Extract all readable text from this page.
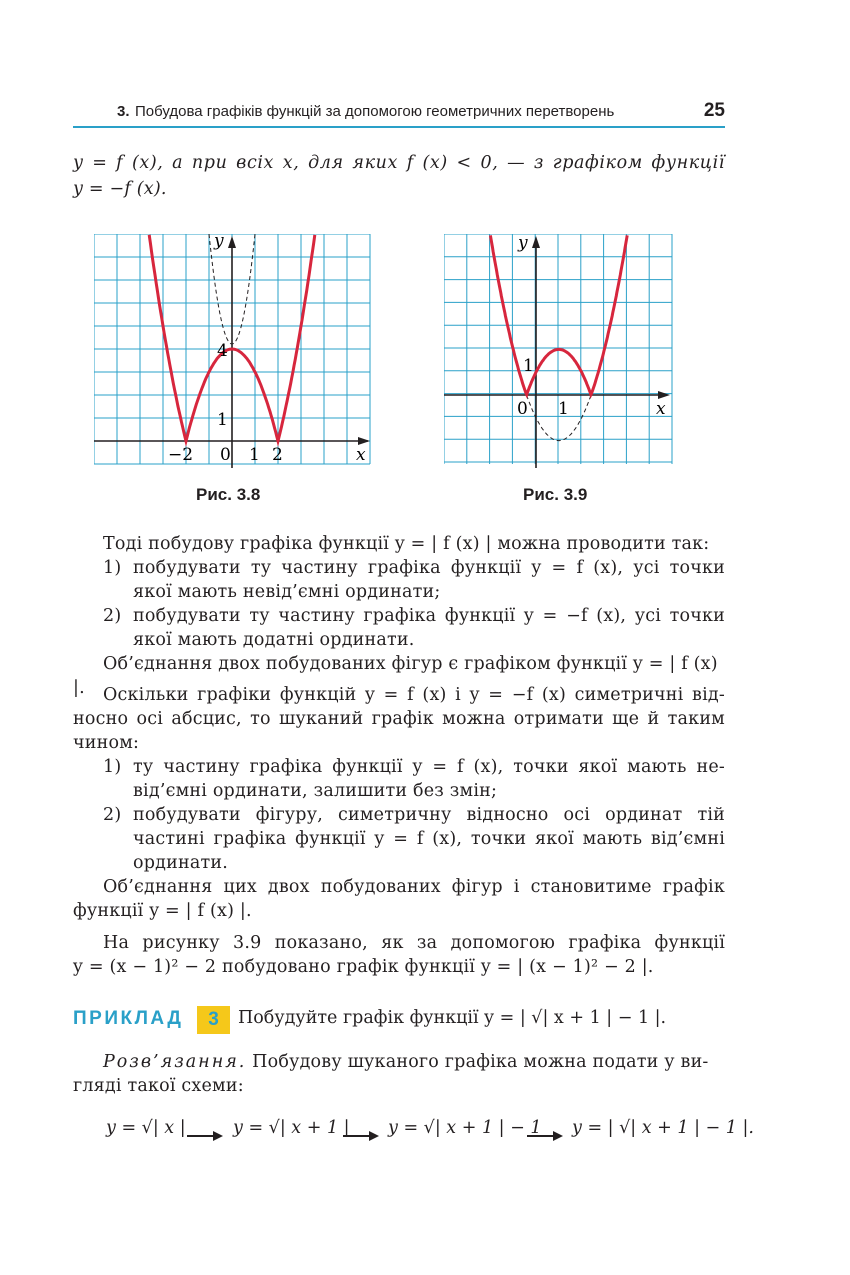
3. Побудова графіків функцій за допомогою геометричних перетворень	25
y = f (x), а при всіх x, для яких f (x) < 0, — з графіком функції
y = −f (x).
y
x
4
1
−2 0 1 2
y
x
1
0 1
Рис. 3.8	Рис. 3.9
Тоді побудову графіка функції y = | f (x) | можна проводити так:
1) побудувати ту частину графіка функції y = f (x), усі точки
якої мають невід’ємні ординати;
2) побудувати ту частину графіка функції y = −f (x), усі точки
якої мають додатні ординати.
Об’єднання двох побудованих фігур є графіком функції y = | f (x) |.	Оскільки графіки функцій y = f (x) і y = −f (x) симетричні від-
носно осі абсцис, то шуканий графік можна отримати ще й таким
чином:
1) ту частину графіка функції y = f (x), точки якої мають не-
від’ємні ординати, залишити без змін;
2) побудувати фігуру, симетричну відносно осі ординат тій
частині графіка функції y = f (x), точки якої мають від’ємні
ординати.
Об’єднання цих двох побудованих фігур і становитиме графік
функції y = | f (x) |.
На рисунку 3.9 показано, як за допомогою графіка функції
y = (x − 1)² − 2 побудовано графік функції y = | (x − 1)² − 2 |.
ПРИКЛАД	3	Побудуйте графік функції y = | √| x + 1 | − 1 |.
Розв’язання. Побудову шуканого графіка можна подати у ви-
гляді такої схеми:
y = √| x |	y = √| x + 1 | y = √| x + 1 | − 1 y = | √| x + 1 | − 1 |.
